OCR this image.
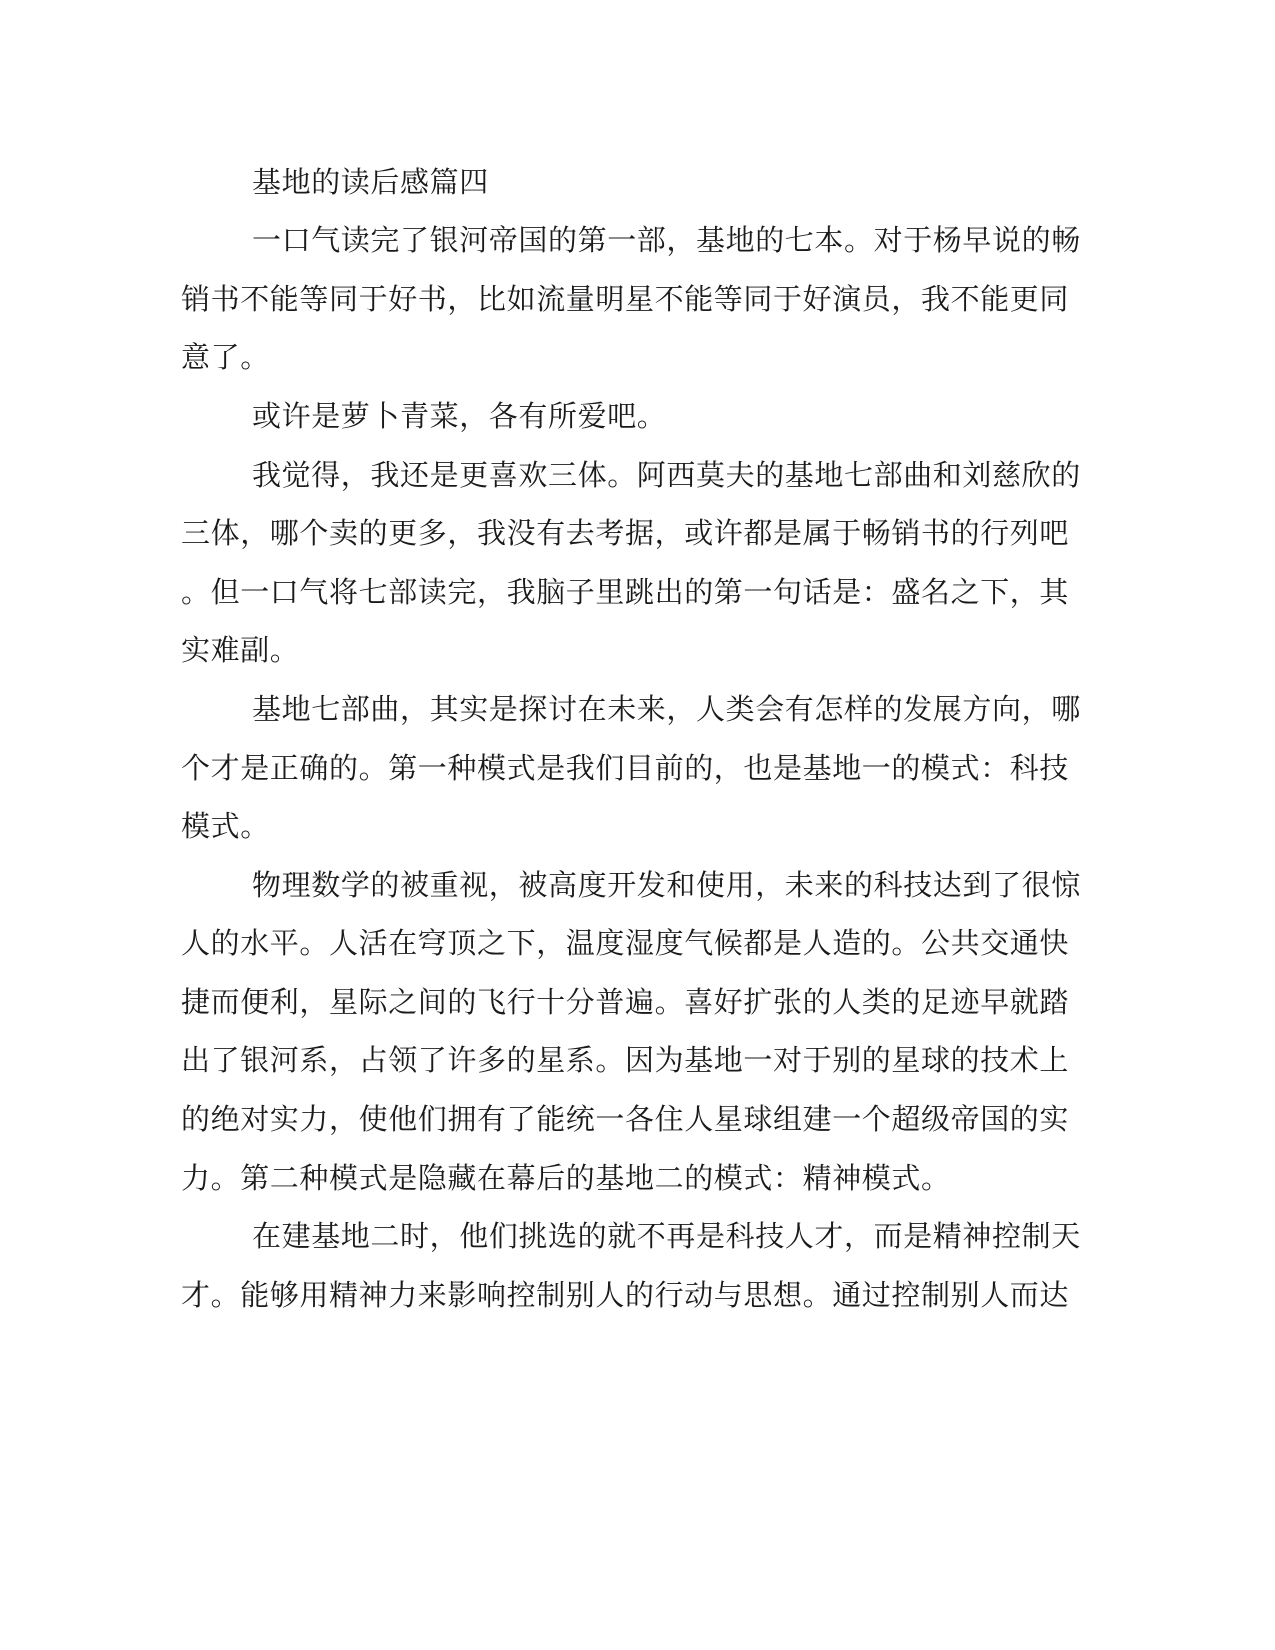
基地的读后感篇四
一口气读完了银河帝国的第一部，基地的七本。对于杨早说的畅
销书不能等同于好书，比如流量明星不能等同于好演员，我不能更同
意了。
或许是萝卜青菜，各有所爱吧。
我觉得，我还是更喜欢三体。阿西莫夫的基地七部曲和刘慈欣的
三体，哪个卖的更多，我没有去考据，或许都是属于畅销书的行列吧
。但一口气将七部读完，我脑子里跳出的第一句话是：盛名之下，其
实难副。
基地七部曲，其实是探讨在未来，人类会有怎样的发展方向，哪
个才是正确的。第一种模式是我们目前的，也是基地一的模式：科技
模式。
物理数学的被重视，被高度开发和使用，未来的科技达到了很惊
人的水平。人活在穹顶之下，温度湿度气候都是人造的。公共交通快
捷而便利，星际之间的飞行十分普遍。喜好扩张的人类的足迹早就踏
出了银河系，占领了许多的星系。因为基地一对于别的星球的技术上
的绝对实力，使他们拥有了能统一各住人星球组建一个超级帝国的实
力。第二种模式是隐藏在幕后的基地二的模式：精神模式。
在建基地二时，他们挑选的就不再是科技人才，而是精神控制天
才。能够用精神力来影响控制别人的行动与思想。通过控制别人而达
